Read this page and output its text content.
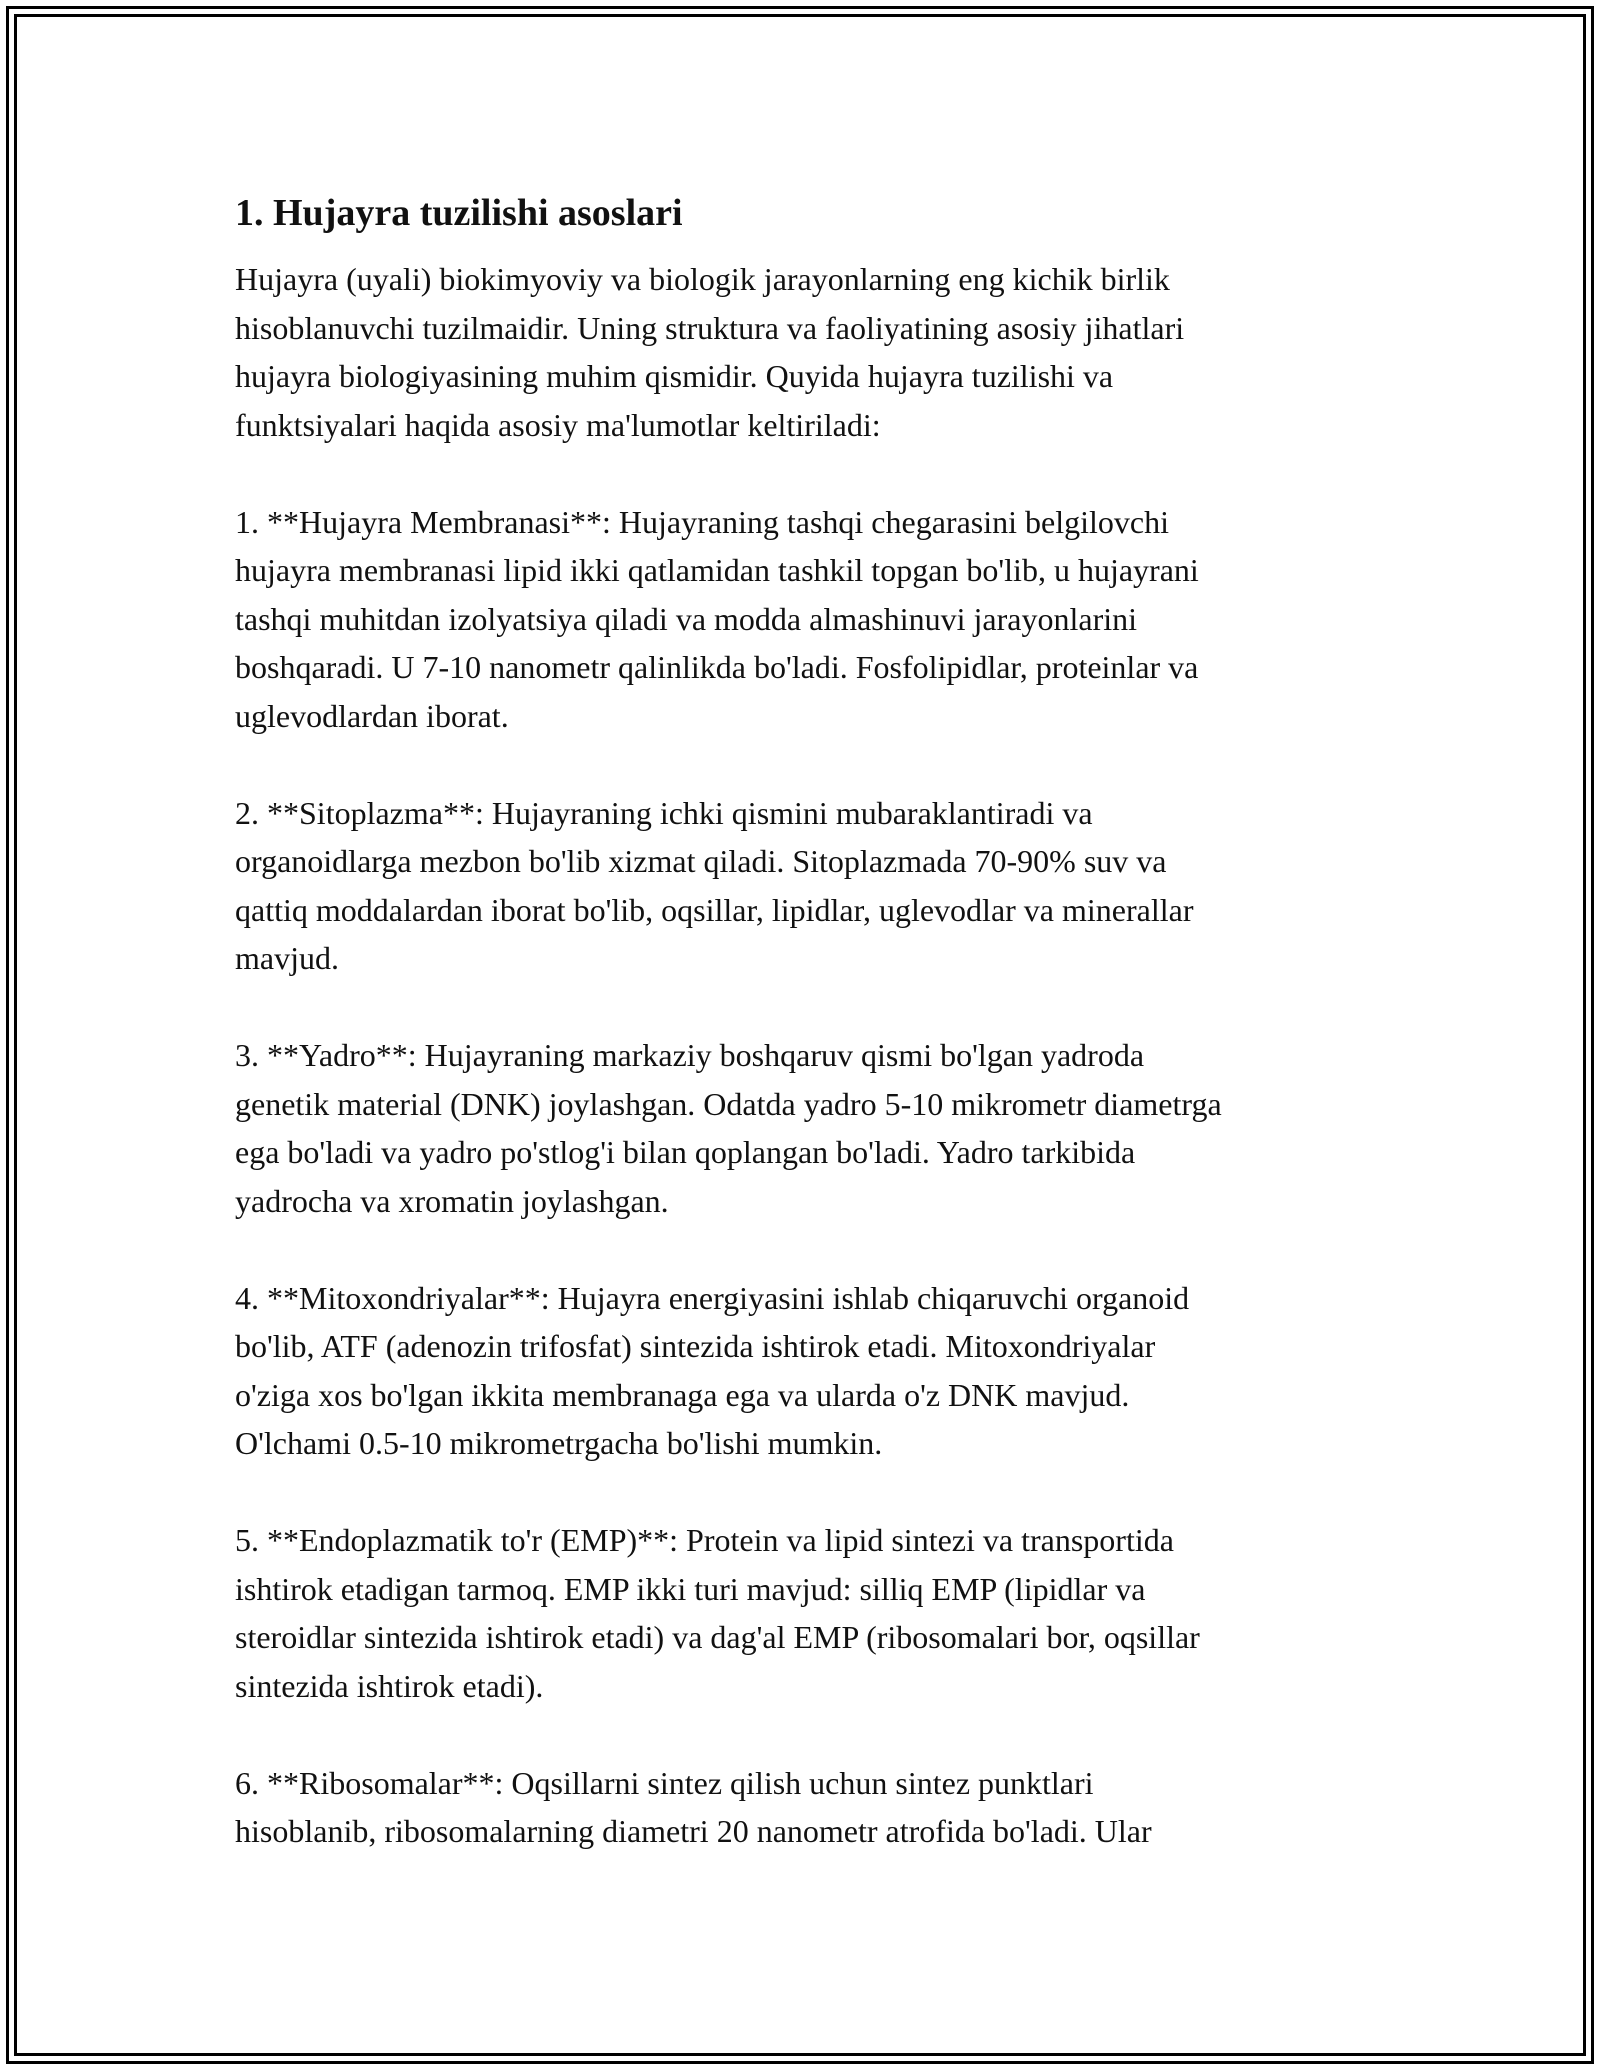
1. Hujayra tuzilishi asoslari

Hujayra (uyali) biokimyoviy va biologik jarayonlarning eng kichik birlik
hisoblanuvchi tuzilmaidir. Uning struktura va faoliyatining asosiy jihatlari
hujayra biologiyasining muhim qismidir. Quyida hujayra tuzilishi va
funktsiyalari haqida asosiy ma'lumotlar keltiriladi:

1. **Hujayra Membranasi**: Hujayraning tashqi chegarasini belgilovchi
hujayra membranasi lipid ikki qatlamidan tashkil topgan bo'lib, u hujayrani
tashqi muhitdan izolyatsiya qiladi va modda almashinuvi jarayonlarini
boshqaradi. U 7-10 nanometr qalinlikda bo'ladi. Fosfolipidlar, proteinlar va
uglevodlardan iborat.

2. **Sitoplazma**: Hujayraning ichki qismini mubaraklantiradi va
organoidlarga mezbon bo'lib xizmat qiladi. Sitoplazmada 70-90% suv va
qattiq moddalardan iborat bo'lib, oqsillar, lipidlar, uglevodlar va minerallar
mavjud.

3. **Yadro**: Hujayraning markaziy boshqaruv qismi bo'lgan yadroda
genetik material (DNK) joylashgan. Odatda yadro 5-10 mikrometr diametrga
ega bo'ladi va yadro po'stlog'i bilan qoplangan bo'ladi. Yadro tarkibida
yadrocha va xromatin joylashgan.

4. **Mitoxondriyalar**: Hujayra energiyasini ishlab chiqaruvchi organoid
bo'lib, ATF (adenozin trifosfat) sintezida ishtirok etadi. Mitoxondriyalar
o'ziga xos bo'lgan ikkita membranaga ega va ularda o'z DNK mavjud.
O'lchami 0.5-10 mikrometrgacha bo'lishi mumkin.

5. **Endoplazmatik to'r (EMP)**: Protein va lipid sintezi va transportida
ishtirok etadigan tarmoq. EMP ikki turi mavjud: silliq EMP (lipidlar va
steroidlar sintezida ishtirok etadi) va dag'al EMP (ribosomalari bor, oqsillar
sintezida ishtirok etadi).

6. **Ribosomalar**: Oqsillarni sintez qilish uchun sintez punktlari
hisoblanib, ribosomalarning diametri 20 nanometr atrofida bo'ladi. Ular
